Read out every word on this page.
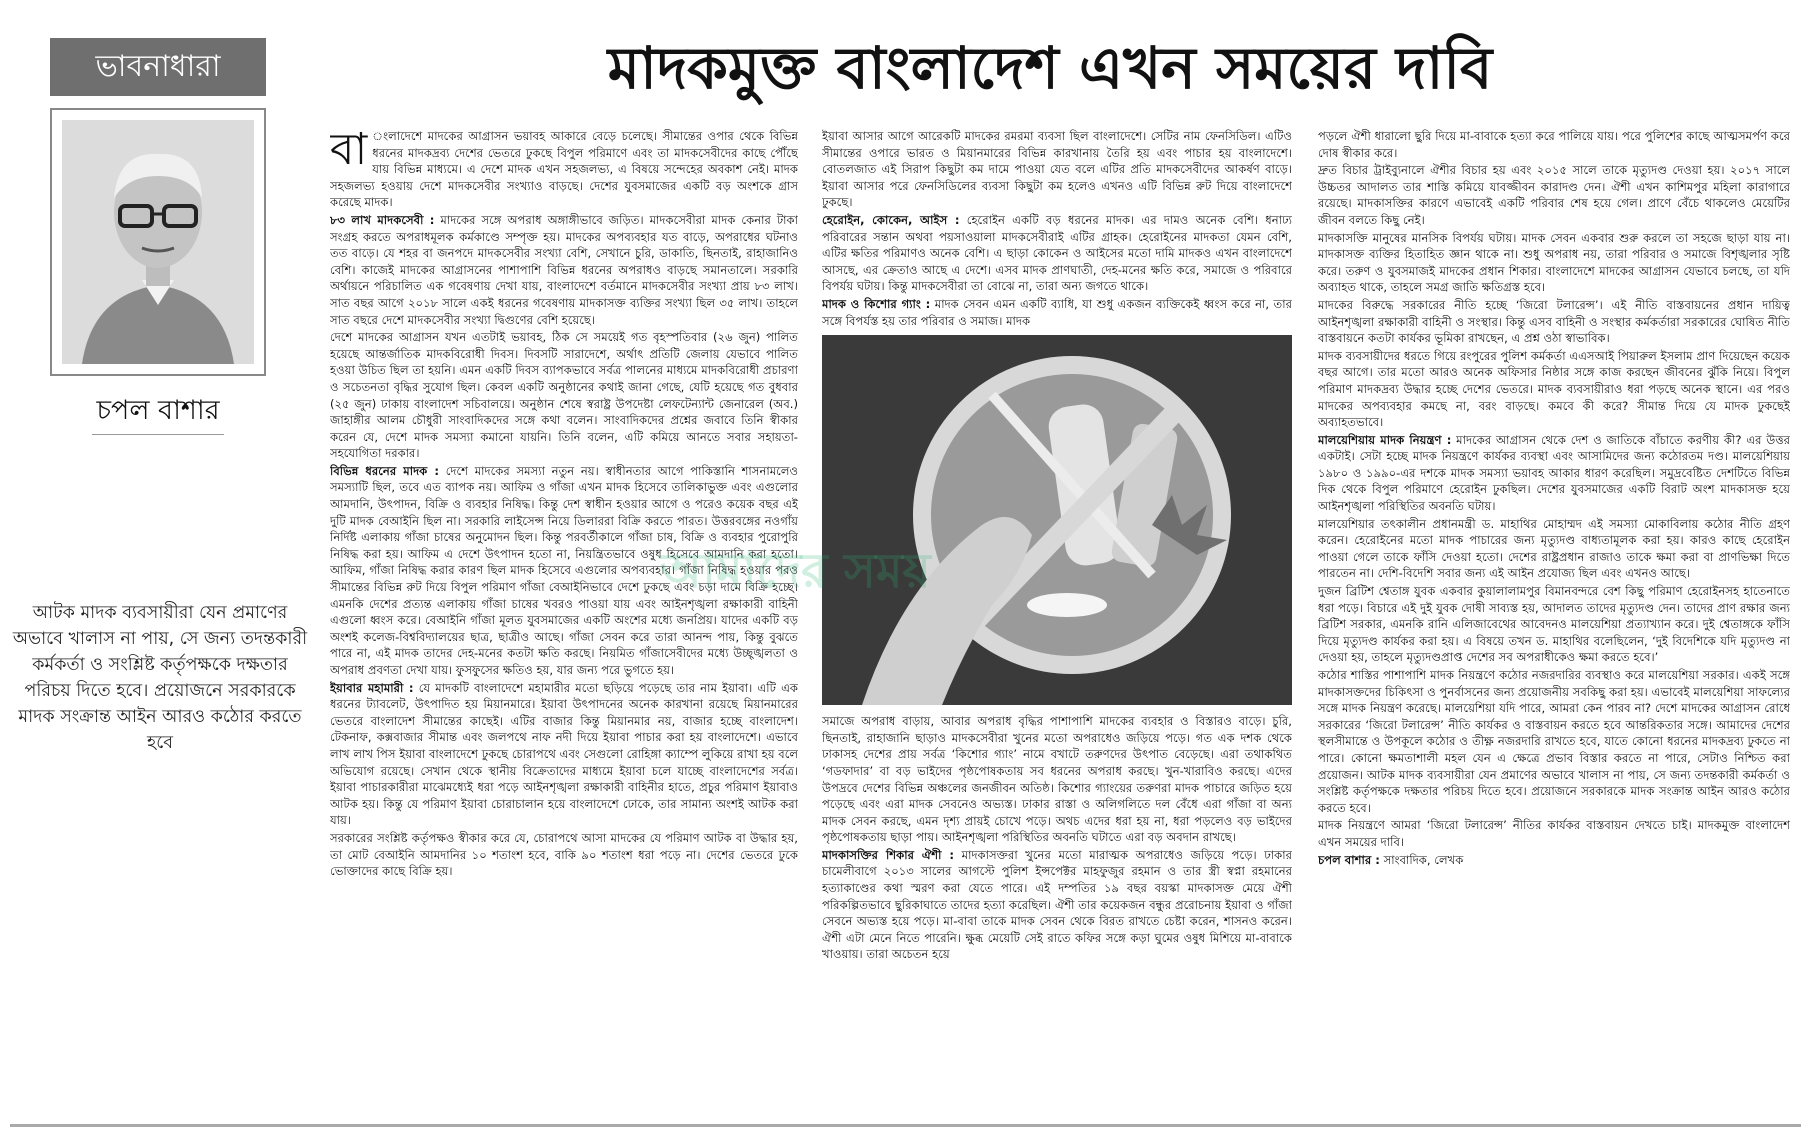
ভাবনাধারা	মাদকমুক্ত বাংলাদেশ এখন সময়ের দাবি
চপল বাশার
আটক মাদক ব্যবসায়ীরা যেন প্রমাণের অভাবে খালাস না পায়, সে জন্য তদন্তকারী কর্মকর্তা ও সংশ্লিষ্ট কর্তৃপক্ষকে দক্ষতার পরিচয় দিতে হবে। প্রয়োজনে সরকারকে মাদক সংক্রান্ত আইন আরও কঠোর করতে হবে

বা ংলাদেশে মাদকের আগ্রাসন ভয়াবহ আকারে বেড়ে চলেছে। সীমান্তের ওপার থেকে বিভিন্ন ধরনের মাদকদ্রব্য দেশের ভেতরে ঢুকছে বিপুল পরিমাণে এবং তা মাদকসেবীদের কাছে পৌঁছে যায় বিভিন্ন মাধ্যমে। এ দেশে মাদক এখন সহজলভ্য, এ বিষয়ে সন্দেহের অবকাশ নেই। মাদক সহজলভ্য হওয়ায় দেশে মাদকসেবীর সংখ্যাও বাড়ছে। দেশের যুবসমাজের একটি বড় অংশকে গ্রাস করেছে মাদক।

৮৩ লাখ মাদকসেবী : মাদকের সঙ্গে অপরাধ অঙ্গাঙ্গীভাবে জড়িত। মাদকসেবীরা মাদক কেনার টাকা সংগ্রহ করতে অপরাধমূলক কর্মকাণ্ডে সম্পৃক্ত হয়। মাদকের অপব্যবহার যত বাড়ে, অপরাধের ঘটনাও তত বাড়ে। যে শহর বা জনপদে মাদকসেবীর সংখ্যা বেশি, সেখানে চুরি, ডাকাতি, ছিনতাই, রাহাজানিও বেশি। কাজেই মাদকের আগ্রাসনের পাশাপাশি বিভিন্ন ধরনের অপরাধও বাড়ছে সমানতালে। সরকারি অর্থায়নে পরিচালিত এক গবেষণায় দেখা যায়, বাংলাদেশে বর্তমানে মাদকসেবীর সংখ্যা প্রায় ৮৩ লাখ। সাত বছর আগে ২০১৮ সালে একই ধরনের গবেষণায় মাদকাসক্ত ব্যক্তির সংখ্যা ছিল ৩৫ লাখ। তাহলে সাত বছরে দেশে মাদকসেবীর সংখ্যা দ্বিগুণের বেশি হয়েছে।

দেশে মাদকের আগ্রাসন যখন এতটাই ভয়াবহ, ঠিক সে সময়েই গত বৃহস্পতিবার (২৬ জুন) পালিত হয়েছে আন্তর্জাতিক মাদকবিরোধী দিবস। দিবসটি সারাদেশে, অর্থাৎ প্রতিটি জেলায় যেভাবে পালিত হওয়া উচিত ছিল তা হয়নি। এমন একটি দিবস ব্যাপকভাবে সর্বত্র পালনের মাধ্যমে মাদকবিরোধী প্রচারণা ও সচেতনতা বৃদ্ধির সুযোগ ছিল। কেবল একটি অনুষ্ঠানের কথাই জানা গেছে, যেটি হয়েছে গত বুধবার (২৫ জুন) ঢাকায় বাংলাদেশ সচিবালয়ে। অনুষ্ঠান শেষে স্বরাষ্ট্র উপদেষ্টা লেফটেন্যান্ট জেনারেল (অব.) জাহাঙ্গীর আলম চৌধুরী সাংবাদিকদের সঙ্গে কথা বলেন। সাংবাদিকদের প্রশ্নের জবাবে তিনি স্বীকার করেন যে, দেশে মাদক সমস্যা কমানো যায়নি। তিনি বলেন, এটি কমিয়ে আনতে সবার সহায়তা-সহযোগিতা দরকার।

বিভিন্ন ধরনের মাদক : দেশে মাদকের সমস্যা নতুন নয়। স্বাধীনতার আগে পাকিস্তানি শাসনামলেও সমস্যাটি ছিল, তবে এত ব্যাপক নয়। আফিম ও গাঁজা এখন মাদক হিসেবে তালিকাভুক্ত এবং এগুলোর আমদানি, উৎপাদন, বিক্রি ও ব্যবহার নিষিদ্ধ। কিন্তু দেশ স্বাধীন হওয়ার আগে ও পরেও কয়েক বছর এই দুটি মাদক বেআইনি ছিল না। সরকারি লাইসেন্স নিয়ে ডিলাররা বিক্রি করতে পারত। উত্তরবঙ্গের নওগাঁয় নির্দিষ্ট এলাকায় গাঁজা চাষের অনুমোদন ছিল। কিন্তু পরবর্তীকালে গাঁজা চাষ, বিক্রি ও ব্যবহার পুরোপুরি নিষিদ্ধ করা হয়। আফিম এ দেশে উৎপাদন হতো না, নিয়ন্ত্রিতভাবে ওষুধ হিসেবে আমদানি করা হতো। আফিম, গাঁজা নিষিদ্ধ করার কারণ ছিল মাদক হিসেবে এগুলোর অপব্যবহার। গাঁজা নিষিদ্ধ হওয়ার পরও সীমান্তের বিভিন্ন রুট দিয়ে বিপুল পরিমাণ গাঁজা বেআইনিভাবে দেশে ঢুকছে এবং চড়া দামে বিক্রি হচ্ছে। এমনকি দেশের প্রত্যন্ত এলাকায় গাঁজা চাষের খবরও পাওয়া যায় এবং আইনশৃঙ্খলা রক্ষাকারী বাহিনী এগুলো ধ্বংস করে। বেআইনি গাঁজা মূলত যুবসমাজের একটি অংশের মধ্যে জনপ্রিয়। যাদের একটি বড় অংশই কলেজ-বিশ্ববিদ্যালয়ের ছাত্র, ছাত্রীও আছে। গাঁজা সেবন করে তারা আনন্দ পায়, কিন্তু বুঝতে পারে না, এই মাদক তাদের দেহ-মনের কতটা ক্ষতি করছে। নিয়মিত গাঁজাসেবীদের মধ্যে উচ্ছৃঙ্খলতা ও অপরাধ প্রবণতা দেখা যায়। ফুসফুসের ক্ষতিও হয়, যার জন্য পরে ভুগতে হয়।

ইয়াবার মহামারী : যে মাদকটি বাংলাদেশে মহামারীর মতো ছড়িয়ে পড়েছে তার নাম ইয়াবা। এটি এক ধরনের ট্যাবলেট, উৎপাদিত হয় মিয়ানমারে। ইয়াবা উৎপাদনের অনেক কারখানা রয়েছে মিয়ানমারের ভেতরে বাংলাদেশ সীমান্তের কাছেই। এটির বাজার কিন্তু মিয়ানমার নয়, বাজার হচ্ছে বাংলাদেশ। টেকনাফ, কক্সবাজার সীমান্ত এবং জলপথে নাফ নদী দিয়ে ইয়াবা পাচার করা হয় বাংলাদেশে। এভাবে লাখ লাখ পিস ইয়াবা বাংলাদেশে ঢুকছে চোরাপথে এবং সেগুলো রোহিঙ্গা ক্যাম্পে লুকিয়ে রাখা হয় বলে অভিযোগ রয়েছে। সেখান থেকে স্থানীয় বিক্রেতাদের মাধ্যমে ইয়াবা চলে যাচ্ছে বাংলাদেশের সর্বত্র। ইয়াবা পাচারকারীরা মাঝেমধ্যেই ধরা পড়ে আইনশৃঙ্খলা রক্ষাকারী বাহিনীর হাতে, প্রচুর পরিমাণ ইয়াবাও আটক হয়। কিন্তু যে পরিমাণ ইয়াবা চোরাচালান হয়ে বাংলাদেশে ঢোকে, তার সামান্য অংশই আটক করা যায়।

সরকারের সংশ্লিষ্ট কর্তৃপক্ষও স্বীকার করে যে, চোরাপথে আসা মাদকের যে পরিমাণ আটক বা উদ্ধার হয়, তা মোট বেআইনি আমদানির ১০ শতাংশ হবে, বাকি ৯০ শতাংশ ধরা পড়ে না। দেশের ভেতরে ঢুকে ভোক্তাদের কাছে বিক্রি হয়।

ইয়াবা আসার আগে আরেকটি মাদকের রমরমা ব্যবসা ছিল বাংলাদেশে। সেটির নাম ফেনসিডিল। এটিও সীমান্তের ওপারে ভারত ও মিয়ানমারের বিভিন্ন কারখানায় তৈরি হয় এবং পাচার হয় বাংলাদেশে। বোতলজাত এই সিরাপ কিছুটা কম দামে পাওয়া যেত বলে এটির প্রতি মাদকসেবীদের আকর্ষণ বাড়ে। ইয়াবা আসার পরে ফেনসিডিলের ব্যবসা কিছুটা কম হলেও এখনও এটি বিভিন্ন রুট দিয়ে বাংলাদেশে ঢুকছে।

হেরোইন, কোকেন, আইস : হেরোইন একটি বড় ধরনের মাদক। এর দামও অনেক বেশি। ধনাঢ্য পরিবারের সন্তান অথবা পয়সাওয়ালা মাদকসেবীরাই এটির গ্রাহক। হেরোইনের মাদকতা যেমন বেশি, এটির ক্ষতির পরিমাণও অনেক বেশি। এ ছাড়া কোকেন ও আইসের মতো দামি মাদকও এখন বাংলাদেশে আসছে, এর ক্রেতাও আছে এ দেশে। এসব মাদক প্রাণঘাতী, দেহ-মনের ক্ষতি করে, সমাজে ও পরিবারে বিপর্যয় ঘটায়। কিন্তু মাদকসেবীরা তা বোঝে না, তারা অন্য জগতে থাকে।

মাদক ও কিশোর গ্যাং : মাদক সেবন এমন একটি ব্যাধি, যা শুধু একজন ব্যক্তিকেই ধ্বংস করে না, তার সঙ্গে বিপর্যস্ত হয় তার পরিবার ও সমাজ। মাদক

সমাজে অপরাধ বাড়ায়, আবার অপরাধ বৃদ্ধির পাশাপাশি মাদকের ব্যবহার ও বিস্তারও বাড়ে। চুরি, ছিনতাই, রাহাজানি ছাড়াও মাদকসেবীরা খুনের মতো অপরাধেও জড়িয়ে পড়ে। গত এক দশক থেকে ঢাকাসহ দেশের প্রায় সর্বত্র ‘কিশোর গ্যাং’ নামে বখাটে তরুণদের উৎপাত বেড়েছে। এরা তথাকথিত ‘গডফাদার’ বা বড় ভাইদের পৃষ্ঠপোষকতায় সব ধরনের অপরাধ করছে। খুন-খারাবিও করছে। এদের উপদ্রবে দেশের বিভিন্ন অঞ্চলের জনজীবন অতিষ্ঠ। কিশোর গ্যাংয়ের তরুণরা মাদক পাচারে জড়িত হয়ে পড়েছে এবং এরা মাদক সেবনেও অভ্যস্ত। ঢাকার রাস্তা ও অলিগলিতে দল বেঁধে এরা গাঁজা বা অন্য মাদক সেবন করছে, এমন দৃশ্য প্রায়ই চোখে পড়ে। অথচ এদের ধরা হয় না, ধরা পড়লেও বড় ভাইদের পৃষ্ঠপোষকতায় ছাড়া পায়। আইনশৃঙ্খলা পরিস্থিতির অবনতি ঘটাতে এরা বড় অবদান রাখছে।

মাদকাসক্তির শিকার ঐশী : মাদকাসক্তরা খুনের মতো মারাত্মক অপরাধেও জড়িয়ে পড়ে। ঢাকার চামেলীবাগে ২০১৩ সালের আগস্টে পুলিশ ইন্সপেক্টর মাহফুজুর রহমান ও তার স্ত্রী স্বপ্না রহমানের হত্যাকাণ্ডের কথা স্মরণ করা যেতে পারে। এই দম্পতির ১৯ বছর বয়স্কা মাদকাসক্ত মেয়ে ঐশী পরিকল্পিতভাবে ছুরিকাঘাতে তাদের হত্যা করেছিল। ঐশী তার কয়েকজন বন্ধুর প্ররোচনায় ইয়াবা ও গাঁজা সেবনে অভ্যস্ত হয়ে পড়ে। মা-বাবা তাকে মাদক সেবন থেকে বিরত রাখতে চেষ্টা করেন, শাসনও করেন। ঐশী এটা মেনে নিতে পারেনি। ক্ষুব্ধ মেয়েটি সেই রাতে কফির সঙ্গে কড়া ঘুমের ওষুধ মিশিয়ে মা-বাবাকে খাওয়ায়। তারা অচেতন হয়ে

পড়লে ঐশী ধারালো ছুরি দিয়ে মা-বাবাকে হত্যা করে পালিয়ে যায়। পরে পুলিশের কাছে আত্মসমর্পণ করে দোষ স্বীকার করে।

দ্রুত বিচার ট্রাইব্যুনালে ঐশীর বিচার হয় এবং ২০১৫ সালে তাকে মৃত্যুদণ্ড দেওয়া হয়। ২০১৭ সালে উচ্চতর আদালত তার শাস্তি কমিয়ে যাবজ্জীবন কারাদণ্ড দেন। ঐশী এখন কাশিমপুর মহিলা কারাগারে রয়েছে। মাদকাসক্তির কারণে এভাবেই একটি পরিবার শেষ হয়ে গেল। প্রাণে বেঁচে থাকলেও মেয়েটির জীবন বলতে কিছু নেই।

মাদকাসক্তি মানুষের মানসিক বিপর্যয় ঘটায়। মাদক সেবন একবার শুরু করলে তা সহজে ছাড়া যায় না। মাদকাসক্ত ব্যক্তির হিতাহিত জ্ঞান থাকে না। শুধু অপরাধ নয়, তারা পরিবার ও সমাজে বিশৃঙ্খলার সৃষ্টি করে। তরুণ ও যুবসমাজই মাদকের প্রধান শিকার। বাংলাদেশে মাদকের আগ্রাসন যেভাবে চলছে, তা যদি অব্যাহত থাকে, তাহলে সমগ্র জাতি ক্ষতিগ্রস্ত হবে।

মাদকের বিরুদ্ধে সরকারের নীতি হচ্ছে ‘জিরো টলারেন্স’। এই নীতি বাস্তবায়নের প্রধান দায়িত্ব আইনশৃঙ্খলা রক্ষাকারী বাহিনী ও সংস্থার। কিন্তু এসব বাহিনী ও সংস্থার কর্মকর্তারা সরকারের ঘোষিত নীতি বাস্তবায়নে কতটা কার্যকর ভূমিকা রাখছেন, এ প্রশ্ন ওঠা স্বাভাবিক।

মাদক ব্যবসায়ীদের ধরতে গিয়ে রংপুরের পুলিশ কর্মকর্তা এএসআই পিয়ারুল ইসলাম প্রাণ দিয়েছেন কয়েক বছর আগে। তার মতো আরও অনেক অফিসার নিষ্ঠার সঙ্গে কাজ করছেন জীবনের ঝুঁকি নিয়ে। বিপুল পরিমাণ মাদকদ্রব্য উদ্ধার হচ্ছে দেশের ভেতরে। মাদক ব্যবসায়ীরাও ধরা পড়ছে অনেক স্থানে। এর পরও মাদকের অপব্যবহার কমছে না, বরং বাড়ছে। কমবে কী করে? সীমান্ত দিয়ে যে মাদক ঢুকছেই অব্যাহতভাবে।

মালয়েশিয়ায় মাদক নিয়ন্ত্রণ : মাদকের আগ্রাসন থেকে দেশ ও জাতিকে বাঁচাতে করণীয় কী? এর উত্তর একটাই। সেটা হচ্ছে মাদক নিয়ন্ত্রণে কার্যকর ব্যবস্থা এবং আসামিদের জন্য কঠোরতম দণ্ড। মালয়েশিয়ায় ১৯৮০ ও ১৯৯০-এর দশকে মাদক সমস্যা ভয়াবহ আকার ধারণ করেছিল। সমুদ্রবেষ্টিত দেশটিতে বিভিন্ন দিক থেকে বিপুল পরিমাণে হেরোইন ঢুকছিল। দেশের যুবসমাজের একটি বিরাট অংশ মাদকাসক্ত হয়ে আইনশৃঙ্খলা পরিস্থিতির অবনতি ঘটায়।

মালয়েশিয়ার তৎকালীন প্রধানমন্ত্রী ড. মাহাথির মোহাম্মদ এই সমস্যা মোকাবিলায় কঠোর নীতি গ্রহণ করেন। হেরোইনের মতো মাদক পাচারের জন্য মৃত্যুদণ্ড বাধ্যতামূলক করা হয়। কারও কাছে হেরোইন পাওয়া গেলে তাকে ফাঁসি দেওয়া হতো। দেশের রাষ্ট্রপ্রধান রাজাও তাকে ক্ষমা করা বা প্রাণভিক্ষা দিতে পারতেন না। দেশি-বিদেশি সবার জন্য এই আইন প্রযোজ্য ছিল এবং এখনও আছে।

দুজন ব্রিটিশ শ্বেতাঙ্গ যুবক একবার কুয়ালালামপুর বিমানবন্দরে বেশ কিছু পরিমাণ হেরোইনসহ হাতেনাতে ধরা পড়ে। বিচারে এই দুই যুবক দোষী সাব্যস্ত হয়, আদালত তাদের মৃত্যুদণ্ড দেন। তাদের প্রাণ রক্ষার জন্য ব্রিটিশ সরকার, এমনকি রানি এলিজাবেথের আবেদনও মালয়েশিয়া প্রত্যাখ্যান করে। দুই শ্বেতাঙ্গকে ফাঁসি দিয়ে মৃত্যুদণ্ড কার্যকর করা হয়। এ বিষয়ে তখন ড. মাহাথির বলেছিলেন, ‘দুই বিদেশিকে যদি মৃত্যুদণ্ড না দেওয়া হয়, তাহলে মৃত্যুদণ্ডপ্রাপ্ত দেশের সব অপরাধীকেও ক্ষমা করতে হবে।’

কঠোর শাস্তির পাশাপাশি মাদক নিয়ন্ত্রণে কঠোর নজরদারির ব্যবস্থাও করে মালয়েশিয়া সরকার। একই সঙ্গে মাদকাসক্তদের চিকিৎসা ও পুনর্বাসনের জন্য প্রয়োজনীয় সবকিছু করা হয়। এভাবেই মালয়েশিয়া সাফল্যের সঙ্গে মাদক নিয়ন্ত্রণ করেছে। মালয়েশিয়া যদি পারে, আমরা কেন পারব না? দেশে মাদকের আগ্রাসন রোধে সরকারের ‘জিরো টলারেন্স’ নীতি কার্যকর ও বাস্তবায়ন করতে হবে আন্তরিকতার সঙ্গে। আমাদের দেশের স্থলসীমান্তে ও উপকূলে কঠোর ও তীক্ষ্ণ নজরদারি রাখতে হবে, যাতে কোনো ধরনের মাদকদ্রব্য ঢুকতে না পারে। কোনো ক্ষমতাশালী মহল যেন এ ক্ষেত্রে প্রভাব বিস্তার করতে না পারে, সেটাও নিশ্চিত করা প্রয়োজন। আটক মাদক ব্যবসায়ীরা যেন প্রমাণের অভাবে খালাস না পায়, সে জন্য তদন্তকারী কর্মকর্তা ও সংশ্লিষ্ট কর্তৃপক্ষকে দক্ষতার পরিচয় দিতে হবে। প্রয়োজনে সরকারকে মাদক সংক্রান্ত আইন আরও কঠোর করতে হবে।

মাদক নিয়ন্ত্রণে আমরা ‘জিরো টলারেন্স’ নীতির কার্যকর বাস্তবায়ন দেখতে চাই। মাদকমুক্ত বাংলাদেশ এখন সময়ের দাবি।

চপল বাশার : সাংবাদিক, লেখক

আমাদের সময়
